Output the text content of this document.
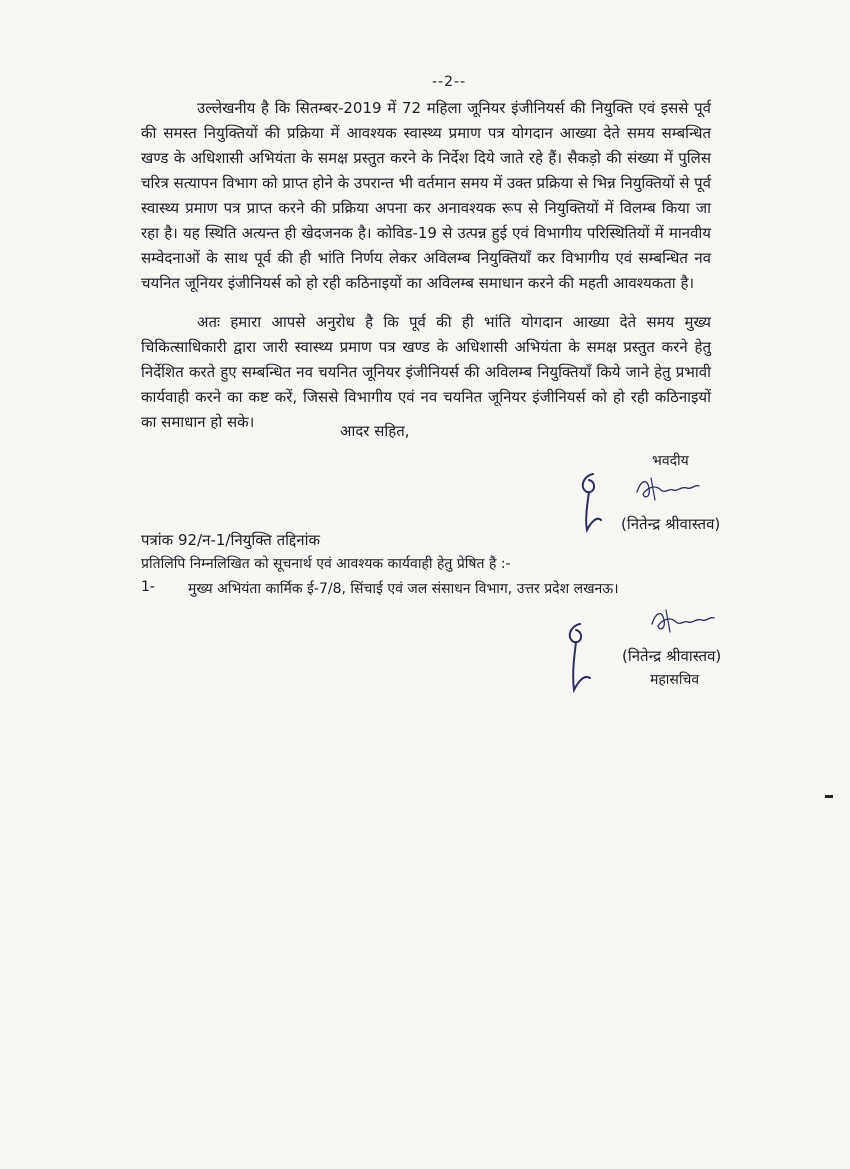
--2--

उल्लेखनीय है कि सितम्बर-2019 में 72 महिला जूनियर इंजीनियर्स की नियुक्ति एवं इससे पूर्व की समस्त नियुक्तियों की प्रक्रिया में आवश्यक स्वास्थ्य प्रमाण पत्र योगदान आख्या देते समय सम्बन्धित खण्ड के अधिशासी अभियंता के समक्ष प्रस्तुत करने के निर्देश दिये जाते रहे हैं। सैकड़ो की संख्या में पुलिस चरित्र सत्यापन विभाग को प्राप्त होने के उपरान्त भी वर्तमान समय में उक्त प्रक्रिया से भिन्न नियुक्तियों से पूर्व स्वास्थ्य प्रमाण पत्र प्राप्त करने की प्रक्रिया अपना कर अनावश्यक रूप से नियुक्तियों में विलम्ब किया जा रहा है। यह स्थिति अत्यन्त ही खेदजनक है। कोविड-19 से उत्पन्न हुई एवं विभागीय परिस्थितियों में मानवीय सम्वेदनाओं के साथ पूर्व की ही भांति निर्णय लेकर अविलम्ब नियुक्तियाँ कर विभागीय एवं सम्बन्धित नव चयनित जूनियर इंजीनियर्स को हो रही कठिनाइयों का अविलम्ब समाधान करने की महती आवश्यकता है।

अतः हमारा आपसे अनुरोध है कि पूर्व की ही भांति योगदान आख्या देते समय मुख्य चिकित्साधिकारी द्वारा जारी स्वास्थ्य प्रमाण पत्र खण्ड के अधिशासी अभियंता के समक्ष प्रस्तुत करने हेतु निर्देशित करते हुए सम्बन्धित नव चयनित जूनियर इंजीनियर्स की अविलम्ब नियुक्तियाँ किये जाने हेतु प्रभावी कार्यवाही करने का कष्ट करें, जिससे विभागीय एवं नव चयनित जूनियर इंजीनियर्स को हो रही कठिनाइयों का समाधान हो सके।	आदर सहित,
भवदीय
(नितेन्द्र श्रीवास्तव)
पत्रांक 92/न-1/नियुक्ति तद्दिनांक
प्रतिलिपि निम्नलिखित को सूचनार्थ एवं आवश्यक कार्यवाही हेतु प्रेषित है :-
1- मुख्य अभियंता कार्मिक ई-7/8, सिंचाई एवं जल संसाधन विभाग, उत्तर प्रदेश लखनऊ।
(नितेन्द्र श्रीवास्तव)
महासचिव
